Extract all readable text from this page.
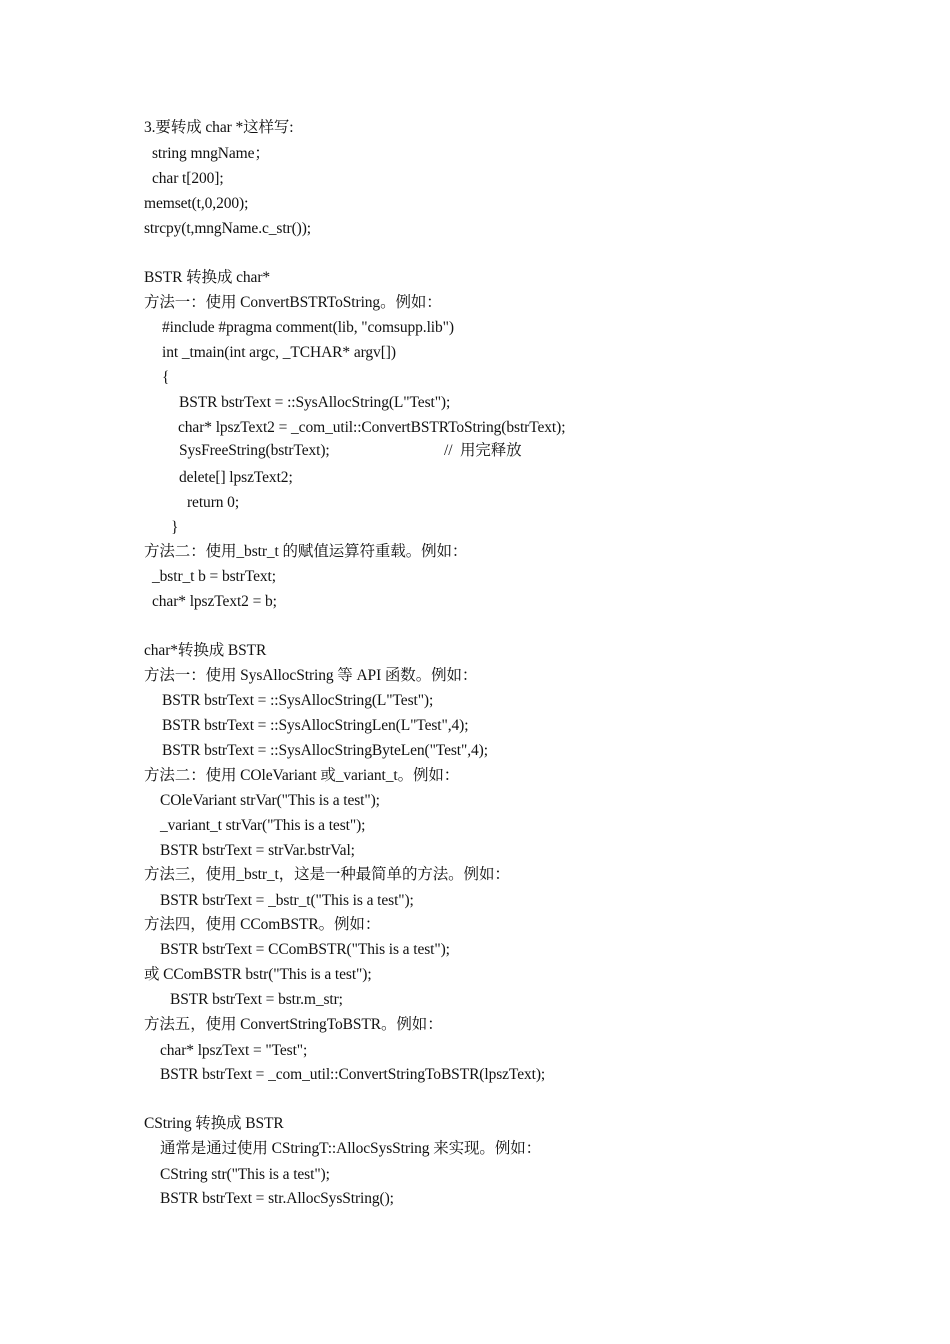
3.要转成 char *这样写:
string mngName；
char t[200];
memset(t,0,200);
strcpy(t,mngName.c_str());
BSTR 转换成 char*
方法一：使用 ConvertBSTRToString。例如：
#include #pragma comment(lib, "comsupp.lib")
int _tmain(int argc, _TCHAR* argv[])
{
BSTR bstrText = ::SysAllocString(L"Test");
char* lpszText2 = _com_util::ConvertBSTRToString(bstrText);
SysFreeString(bstrText);	//  用完释放
delete[] lpszText2;
return 0;
}
方法二：使用_bstr_t 的赋值运算符重载。例如：
_bstr_t b = bstrText;
char* lpszText2 = b;
char*转换成 BSTR
方法一：使用 SysAllocString 等 API 函数。例如：
BSTR bstrText = ::SysAllocString(L"Test");
BSTR bstrText = ::SysAllocStringLen(L"Test",4);
BSTR bstrText = ::SysAllocStringByteLen("Test",4);
方法二：使用 COleVariant 或_variant_t。例如：
COleVariant strVar("This is a test");
_variant_t strVar("This is a test");
BSTR bstrText = strVar.bstrVal;
方法三，使用_bstr_t，这是一种最简单的方法。例如：
BSTR bstrText = _bstr_t("This is a test");
方法四，使用 CComBSTR。例如：
BSTR bstrText = CComBSTR("This is a test");
或 CComBSTR bstr("This is a test");
BSTR bstrText = bstr.m_str;
方法五，使用 ConvertStringToBSTR。例如：
char* lpszText = "Test";
BSTR bstrText = _com_util::ConvertStringToBSTR(lpszText);
CString 转换成 BSTR
通常是通过使用 CStringT::AllocSysString 来实现。例如：
CString str("This is a test");
BSTR bstrText = str.AllocSysString();
